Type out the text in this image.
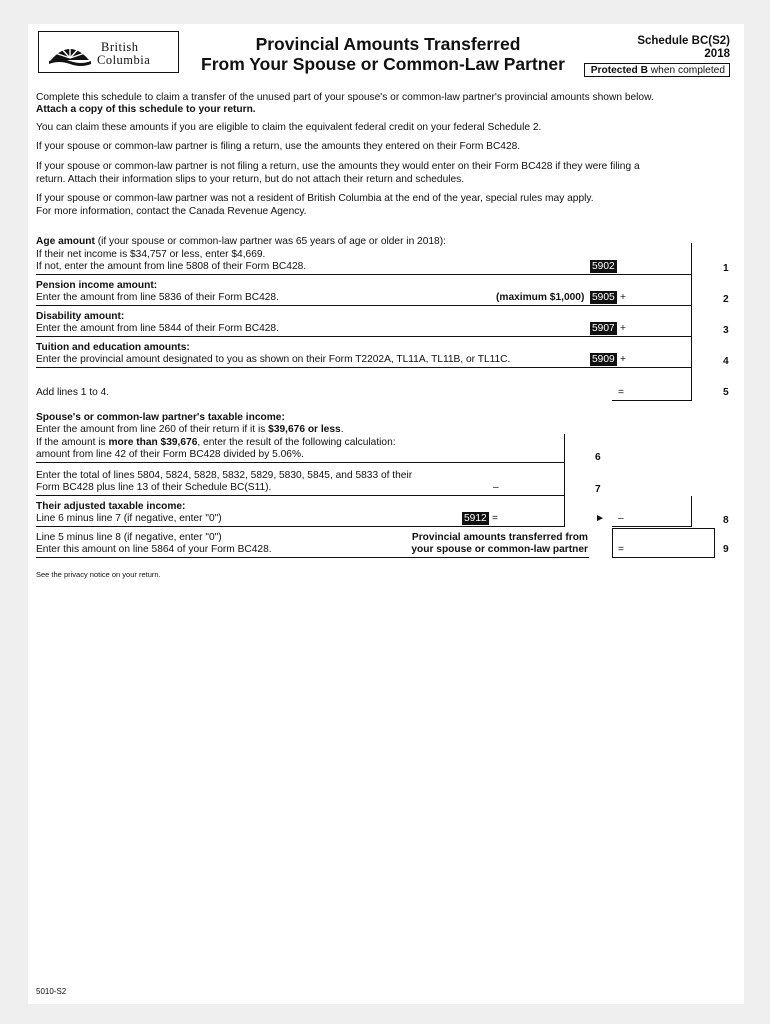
British
Columbia
Provincial Amounts Transferred
From Your Spouse or Common-Law Partner
Schedule BC(S2)
2018
Protected B when completed
Complete this schedule to claim a transfer of the unused part of your spouse's or common-law partner's provincial amounts shown below.
Attach a copy of this schedule to your return.
You can claim these amounts if you are eligible to claim the equivalent federal credit on your federal Schedule 2.
If your spouse or common-law partner is filing a return, use the amounts they entered on their Form BC428.
If your spouse or common-law partner is not filing a return, use the amounts they would enter on their Form BC428 if they were filing a
return. Attach their information slips to your return, but do not attach their return and schedules.
If your spouse or common-law partner was not a resident of British Columbia at the end of the year, special rules may apply.
For more information, contact the Canada Revenue Agency.
Age amount (if your spouse or common-law partner was 65 years of age or older in 2018):
If their net income is $34,757 or less, enter $4,669.
If not, enter the amount from line 5808 of their Form BC428.	5902	1
Pension income amount:
Enter the amount from line 5836 of their Form BC428.	(maximum $1,000) 5905 +	2
Disability amount:
Enter the amount from line 5844 of their Form BC428.	5907 +	3
Tuition and education amounts:
Enter the provincial amount designated to you as shown on their Form T2202A, TL11A, TL11B, or TL11C.	5909 +	4
Add lines 1 to 4.	=	5
Spouse's or common-law partner's taxable income:
Enter the amount from line 260 of their return if it is $39,676 or less.
If the amount is more than $39,676, enter the result of the following calculation:
amount from line 42 of their Form BC428 divided by 5.06%.	6
Enter the total of lines 5804, 5824, 5828, 5832, 5829, 5830, 5845, and 5833 of their
Form BC428 plus line 13 of their Schedule BC(S11).	–	7
Their adjusted taxable income:
Line 6 minus line 7 (if negative, enter "0")	5912 =	► –	8
Line 5 minus line 8 (if negative, enter "0")
Enter this amount on line 5864 of your Form BC428.
Provincial amounts transferred from
your spouse or common-law partner	=	9
See the privacy notice on your return.
5010-S2
